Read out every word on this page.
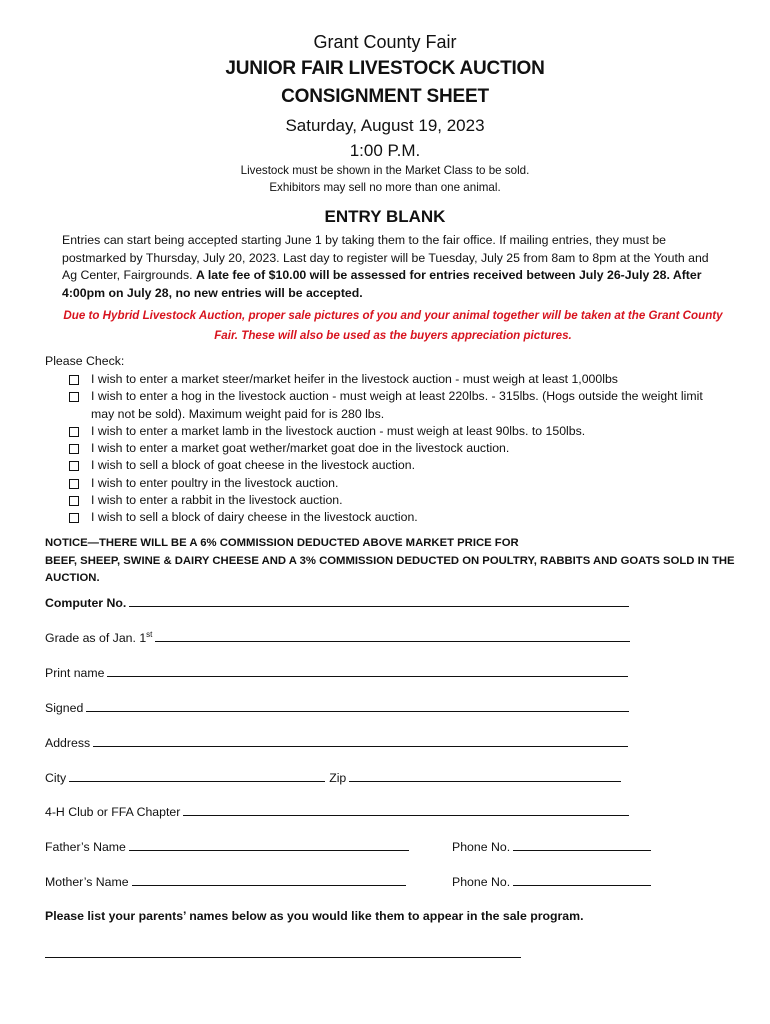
Grant County Fair
JUNIOR FAIR LIVESTOCK AUCTION
CONSIGNMENT SHEET
Saturday, August 19, 2023
1:00 P.M.
Livestock must be shown in the Market Class to be sold.
Exhibitors may sell no more than one animal.
ENTRY BLANK
Entries can start being accepted starting June 1 by taking them to the fair office. If mailing entries, they must be postmarked by Thursday, July 20, 2023. Last day to register will be Tuesday, July 25 from 8am to 8pm at the Youth and Ag Center, Fairgrounds. A late fee of $10.00 will be assessed for entries received between July 26-July 28. After 4:00pm on July 28, no new entries will be accepted.
Due to Hybrid Livestock Auction, proper sale pictures of you and your animal together will be taken at the Grant County Fair. These will also be used as the buyers appreciation pictures.
Please Check:
I wish to enter a market steer/market heifer in the livestock auction - must weigh at least 1,000lbs
I wish to enter a hog in the livestock auction - must weigh at least 220lbs. - 315lbs. (Hogs outside the weight limit may not be sold). Maximum weight paid for is 280 lbs.
I wish to enter a market lamb in the livestock auction - must weigh at least 90lbs. to 150lbs.
I wish to enter a market goat wether/market goat doe in the livestock auction.
I wish to sell a block of goat cheese in the livestock auction.
I wish to enter poultry in the livestock auction.
I wish to enter a rabbit in the livestock auction.
I wish to sell a block of dairy cheese in the livestock auction.
NOTICE—THERE WILL BE A 6% COMMISSION DEDUCTED ABOVE MARKET PRICE FOR
BEEF, SHEEP, SWINE & DAIRY CHEESE AND A 3% COMMISSION DEDUCTED ON POULTRY, RABBITS AND GOATS SOLD IN THE AUCTION.
Computer No.
Grade as of Jan. 1st
Print name
Signed
Address
City	Zip
4-H Club or FFA Chapter
Father’s Name	Phone No.
Mother’s Name	Phone No.
Please list your parents’ names below as you would like them to appear in the sale program.
